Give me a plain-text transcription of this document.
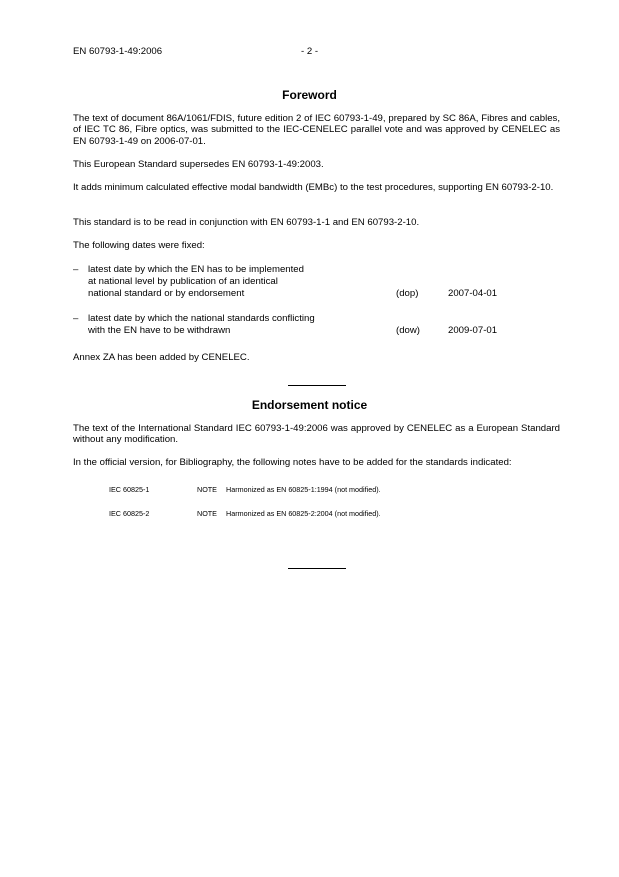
EN 60793-1-49:2006	- 2 -
Foreword
The text of document 86A/1061/FDIS, future edition 2 of IEC 60793-1-49, prepared by SC 86A, Fibres and cables, of IEC TC 86, Fibre optics, was submitted to the IEC-CENELEC parallel vote and was approved by CENELEC as EN 60793-1-49 on 2006-07-01.
This European Standard supersedes EN 60793-1-49:2003.
It adds minimum calculated effective modal bandwidth (EMBc) to the test procedures, supporting EN 60793-2-10.
This standard is to be read in conjunction with EN 60793-1-1 and EN 60793-2-10.
The following dates were fixed:
– latest date by which the EN has to be implemented
at national level by publication of an identical
national standard or by endorsement	(dop)	2007-04-01
– latest date by which the national standards conflicting
with the EN have to be withdrawn	(dow)	2009-07-01
Annex ZA has been added by CENELEC.
Endorsement notice
The text of the International Standard IEC 60793-1-49:2006 was approved by CENELEC as a European Standard without any modification.
In the official version, for Bibliography, the following notes have to be added for the standards indicated:
IEC 60825-1	NOTE Harmonized as EN 60825-1:1994 (not modified).
IEC 60825-2	NOTE Harmonized as EN 60825-2:2004 (not modified).
